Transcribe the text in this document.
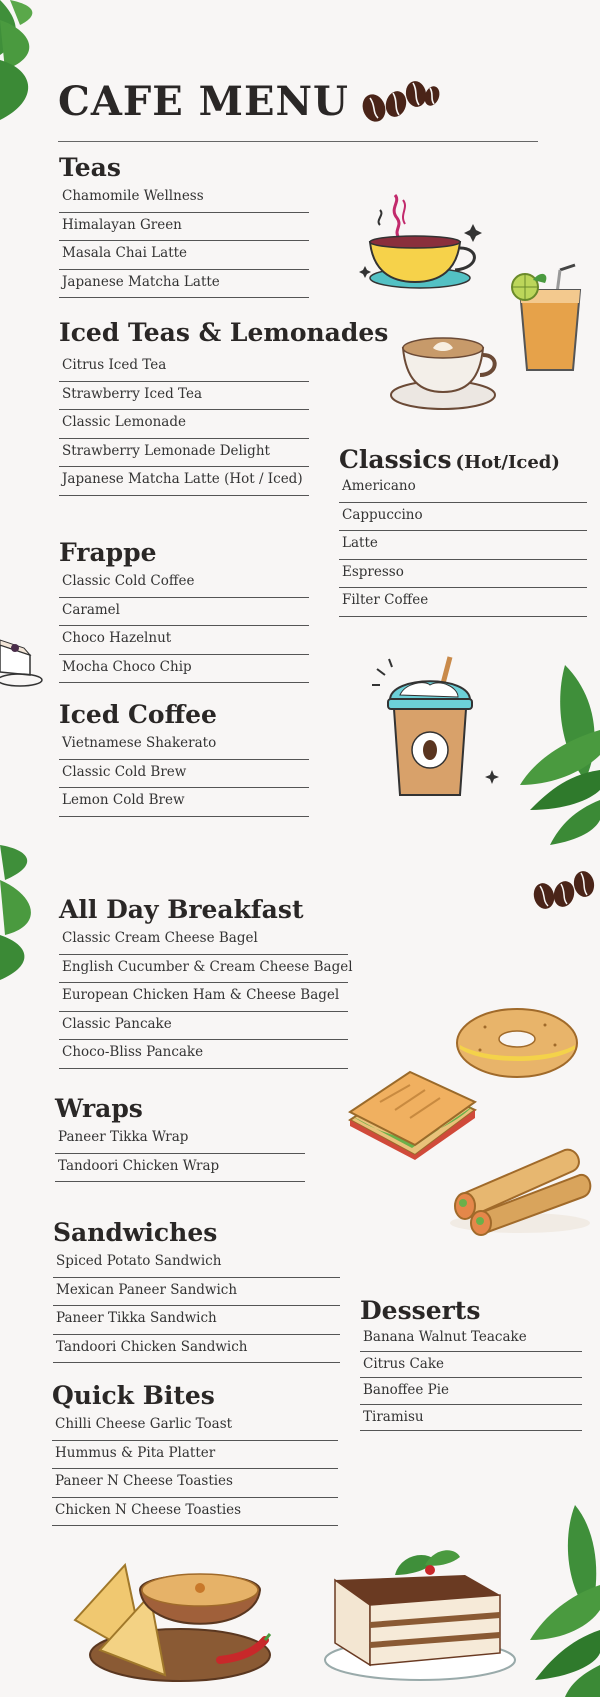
CAFE MENU
Teas
Chamomile Wellness
Himalayan Green
Masala Chai Latte
Japanese Matcha Latte
Iced Teas & Lemonades
Citrus Iced Tea
Strawberry Iced Tea
Classic Lemonade
Strawberry Lemonade Delight
Japanese Matcha Latte (Hot / Iced)
Classics (Hot/Iced)
Americano
Cappuccino
Latte
Espresso
Filter Coffee
Frappe
Classic Cold Coffee
Caramel
Choco Hazelnut
Mocha Choco Chip
Iced Coffee
Vietnamese Shakerato
Classic Cold Brew
Lemon Cold Brew
All Day Breakfast
Classic Cream Cheese Bagel
English Cucumber & Cream Cheese Bagel
European Chicken Ham & Cheese Bagel
Classic Pancake
Choco-Bliss Pancake
Wraps
Paneer Tikka Wrap
Tandoori Chicken Wrap
Sandwiches
Spiced Potato Sandwich
Mexican Paneer Sandwich
Paneer Tikka Sandwich
Tandoori Chicken Sandwich
Desserts
Banana Walnut Teacake
Citrus Cake
Banoffee Pie
Tiramisu
Quick Bites
Chilli Cheese Garlic Toast
Hummus & Pita Platter
Paneer N Cheese Toasties
Chicken N Cheese Toasties
